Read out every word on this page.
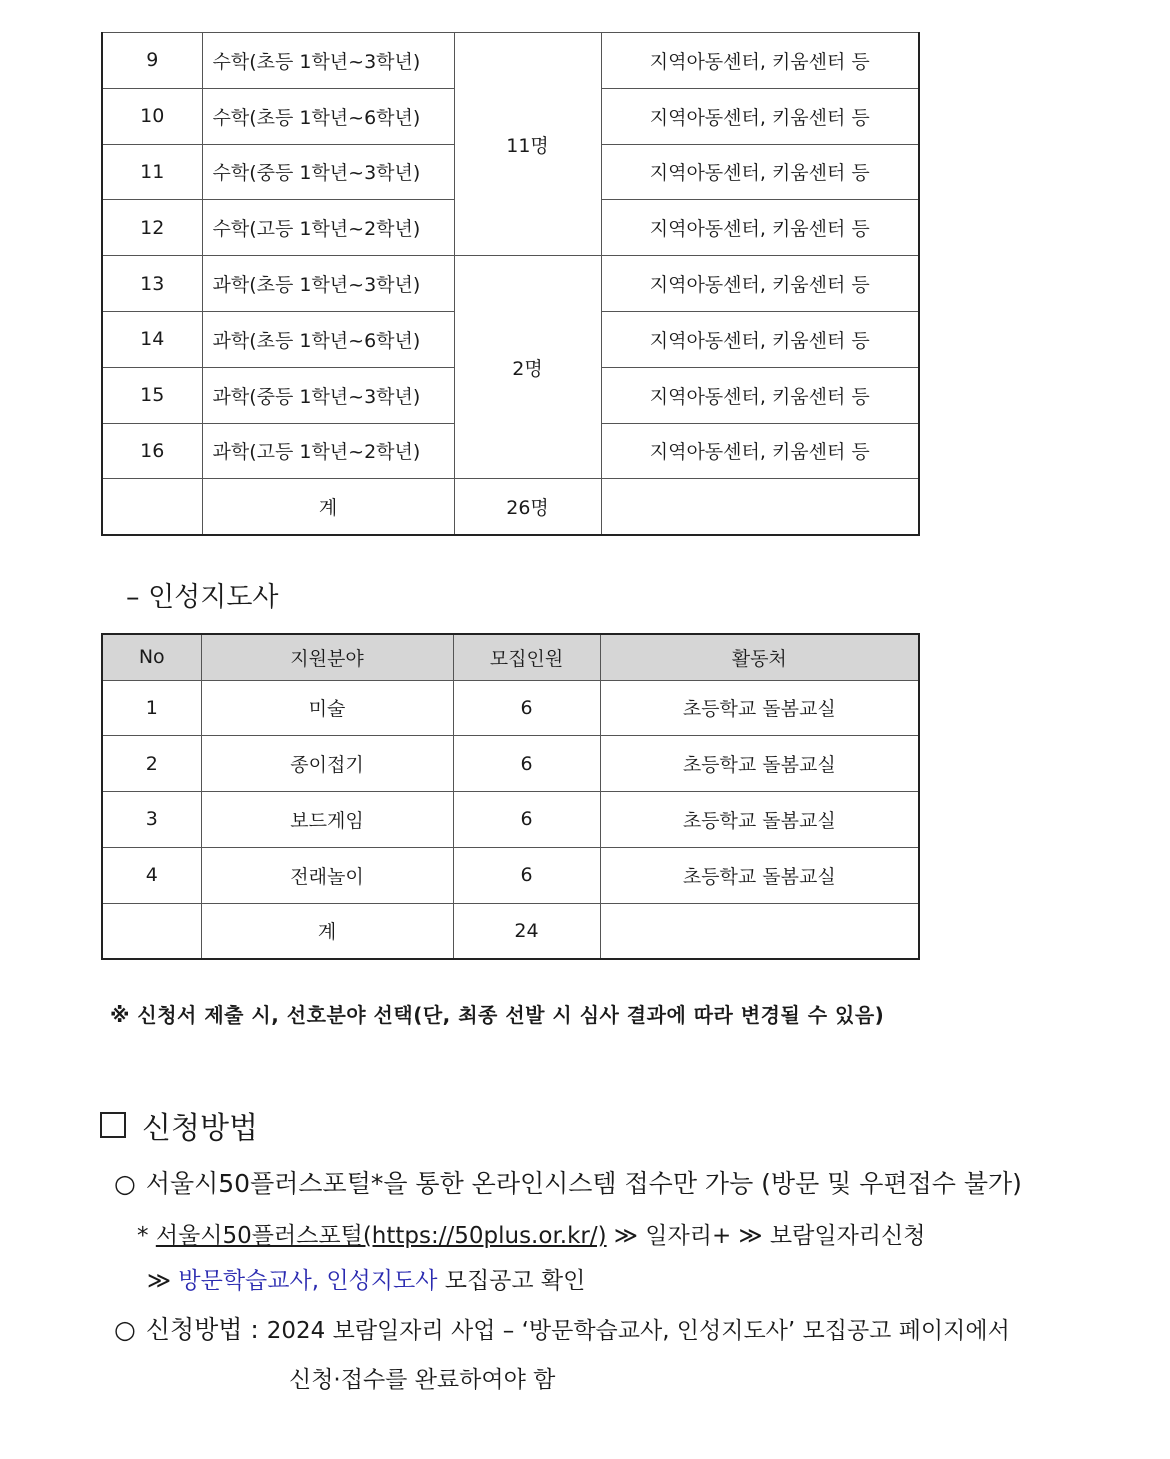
9	수학(초등 1학년~3학년)	11명	지역아동센터, 키움센터 등
10	수학(초등 1학년~6학년)		지역아동센터, 키움센터 등
11	수학(중등 1학년~3학년)		지역아동센터, 키움센터 등
12	수학(고등 1학년~2학년)		지역아동센터, 키움센터 등
13	과학(초등 1학년~3학년)	2명	지역아동센터, 키움센터 등
14	과학(초등 1학년~6학년)		지역아동센터, 키움센터 등
15	과학(중등 1학년~3학년)		지역아동센터, 키움센터 등
16	과학(고등 1학년~2학년)		지역아동센터, 키움센터 등
	계	26명	
– 인성지도사
No	지원분야	모집인원	활동처
1	미술	6	초등학교 돌봄교실
2	종이접기	6	초등학교 돌봄교실
3	보드게임	6	초등학교 돌봄교실
4	전래놀이	6	초등학교 돌봄교실
	계	24	
※ 신청서 제출 시, 선호분야 선택(단, 최종 선발 시 심사 결과에 따라 변경될 수 있음)
신청방법
○ 서울시50플러스포털*을 통한 온라인시스템 접수만 가능 (방문 및 우편접수 불가)
* 서울시50플러스포털(https://50plus.or.kr/) ≫ 일자리+ ≫ 보람일자리신청
≫ 방문학습교사, 인성지도사 모집공고 확인
○ 신청방법 : 2024 보람일자리 사업 – ‘방문학습교사, 인성지도사’ 모집공고 페이지에서
신청·접수를 완료하여야 함
